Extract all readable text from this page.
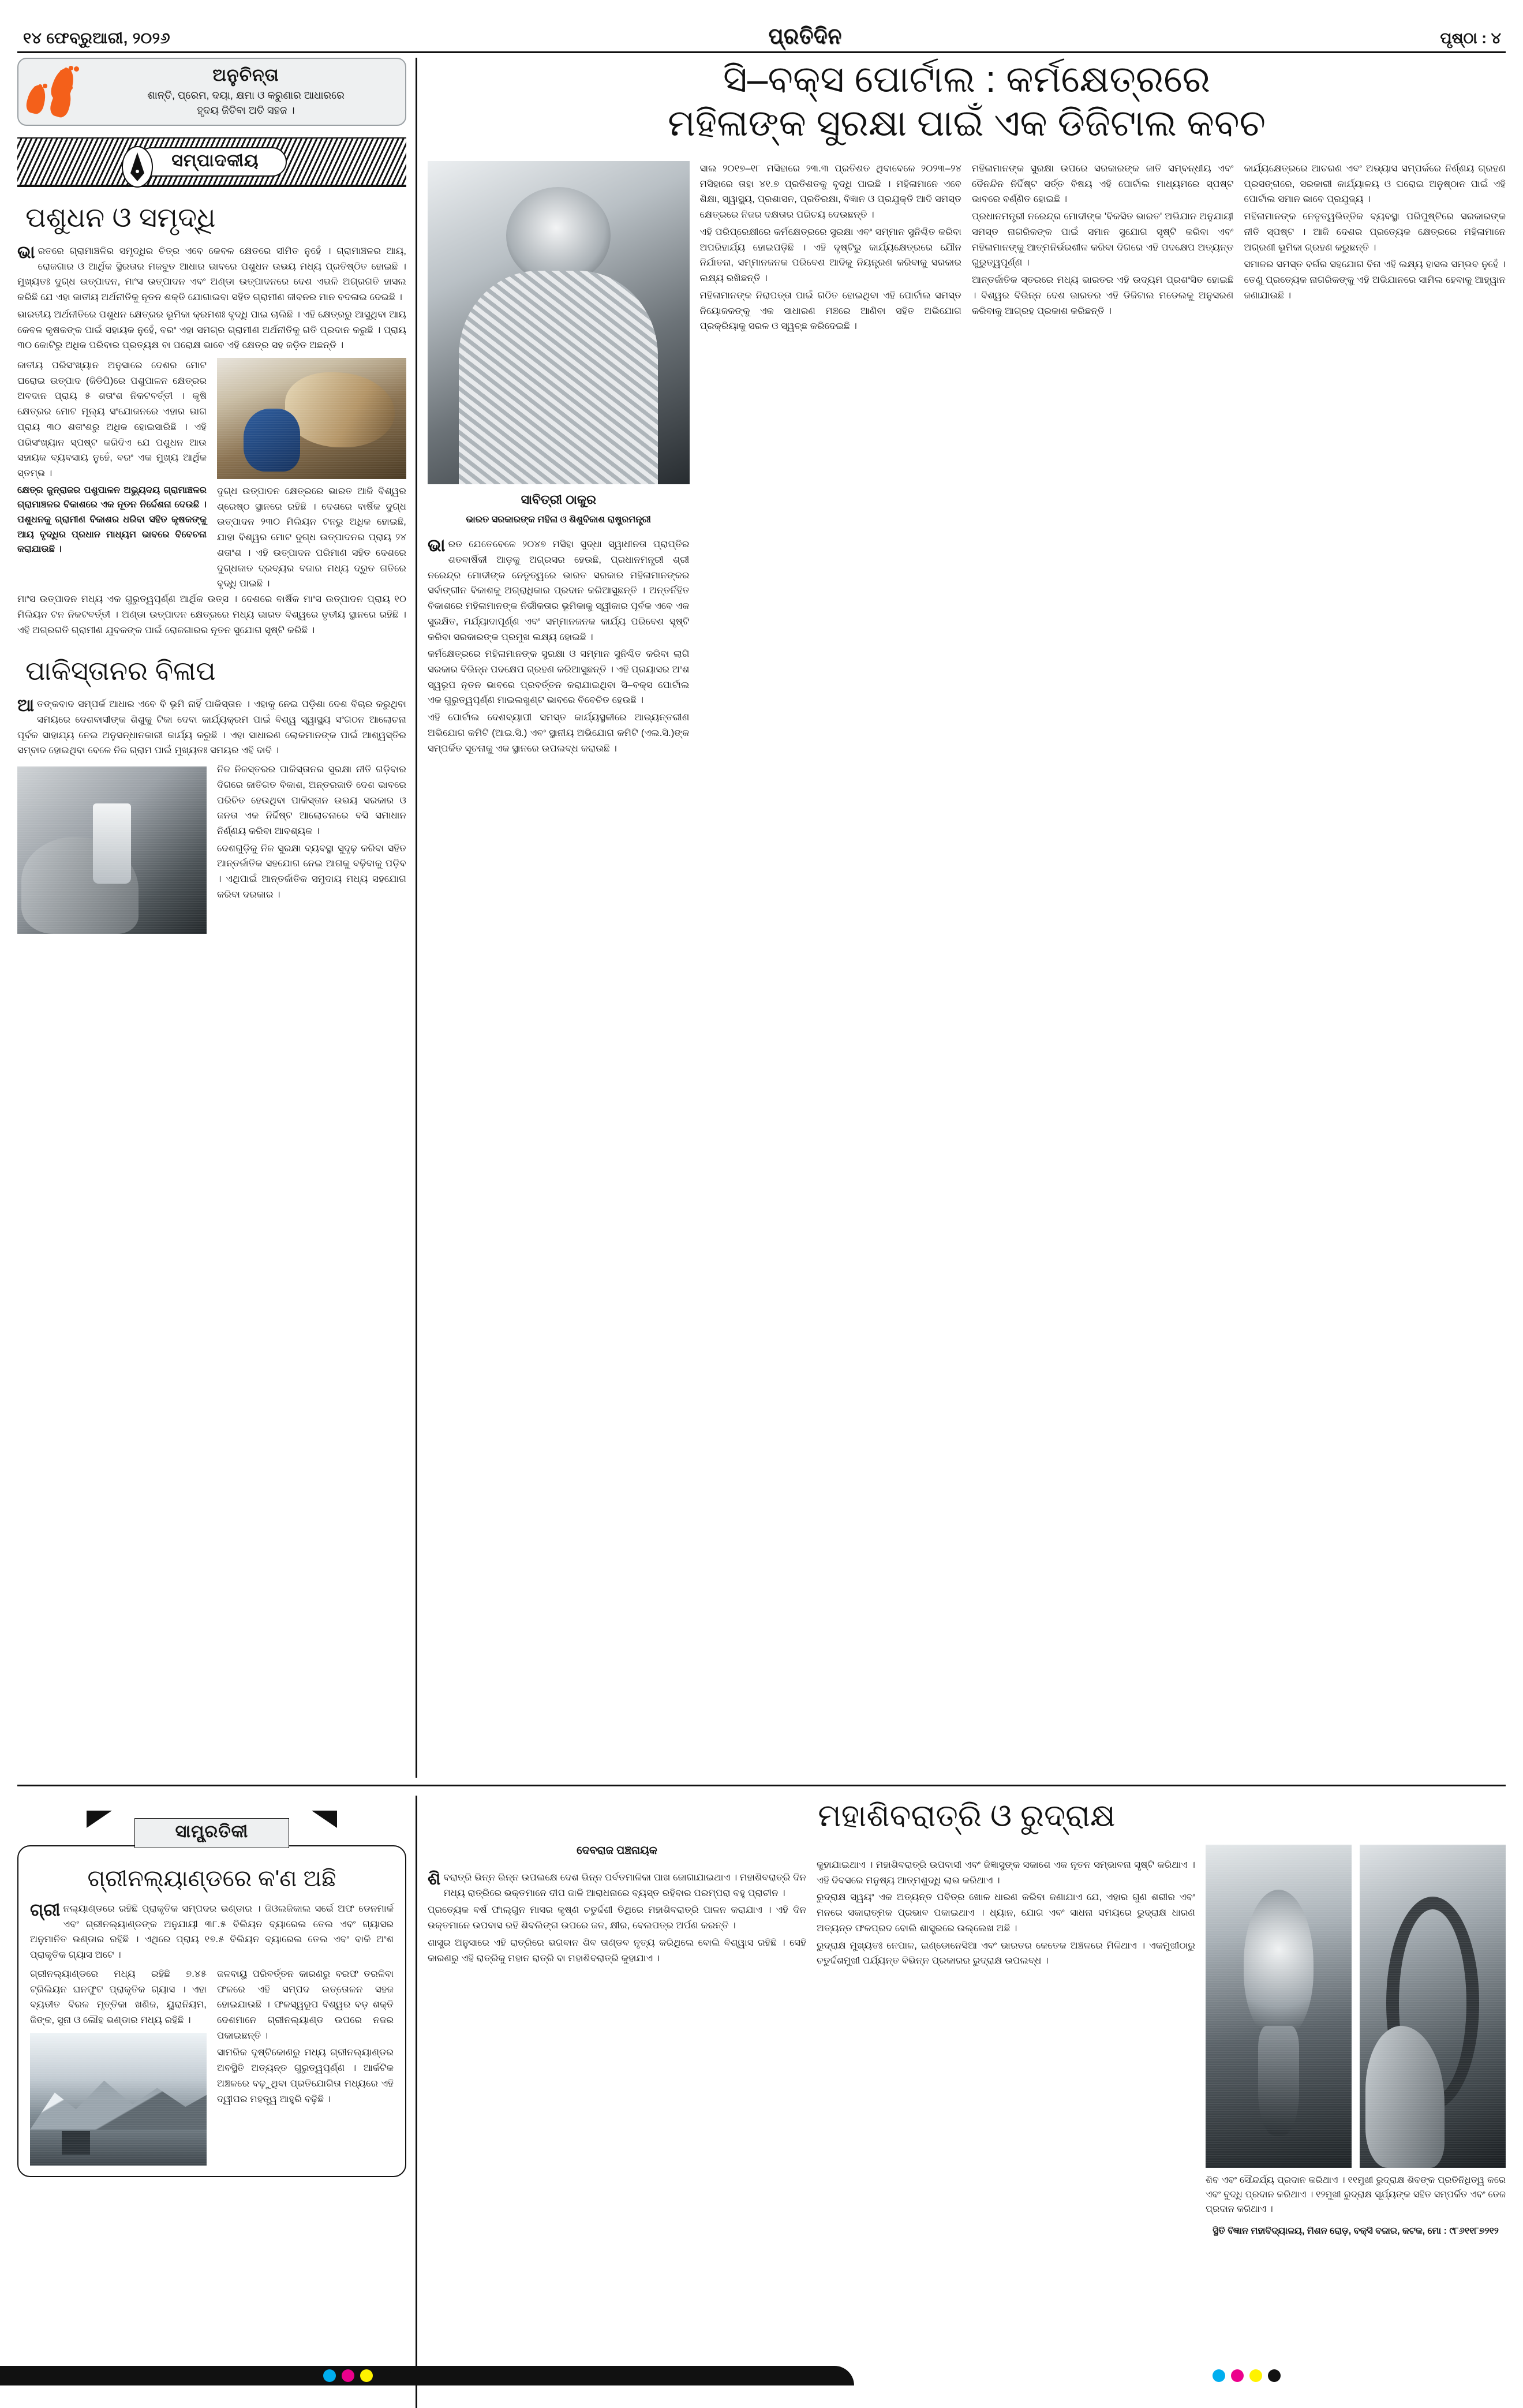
୧୪ ଫେବ୍ରୁଆରୀ, ୨୦୨୬	ପ୍ରତିଦିନ	ପୃଷ୍ଠା : ୪
ଅନୁଚିନ୍ତା
ଶାନ୍ତି, ପ୍ରେମ, ଦୟା, କ୍ଷମା ଓ କରୁଣାର ଆଧାରରେ
ହୃଦୟ ଜିତିବା ଅତି ସହଜ ।
ସମ୍ପାଦକୀୟ
ପଶୁଧନ ଓ ସମୃଦ୍ଧି

ଭାରତରେ ଗ୍ରାମାଞ୍ଚଳିର ସମୃଦ୍ଧିର ଚିତ୍ର ଏବେ କେବଳ କ୍ଷେତରେ ସୀମିତ ନୁହେଁ । ଗ୍ରାମାଞ୍ଚଳର ଆୟ, ରୋଜଗାର ଓ ଆର୍ଥିକ ସ୍ଥିରତାର ମଜବୁତ ଆଧାର ଭାବରେ ପଶୁଧନ ଉଭୟ ମଧ୍ୟ ପ୍ରତିଷ୍ଠିତ ହୋଇଛି । ମୁଖ୍ୟତଃ ଦୁଗ୍ଧ ଉତ୍ପାଦନ, ମାଂସ ଉତ୍ପାଦନ ଏବଂ ଅଣ୍ଡା ଉତ୍ପାଦନରେ ଦେଶ ଏଭଳି ଅଗ୍ରଗତି ହାସଲ କରିଛି ଯେ ଏହା ଜାତୀୟ ଅର୍ଥନୀତିକୁ ନୂତନ ଶକ୍ତି ଯୋଗାଇବା ସହିତ ଗ୍ରାମୀଣ ଜୀବନର ମାନ ବଦଳାଇ ଦେଇଛି ।

ଭାରତୀୟ ଅର୍ଥନୀତିରେ ପଶୁଧନ କ୍ଷେତ୍ରର ଭୂମିକା କ୍ରମଶଃ ବୃଦ୍ଧି ପାଇ ଚାଲିଛି । ଏହି କ୍ଷେତ୍ରରୁ ଆସୁଥିବା ଆୟ କେବଳ କୃଷକଙ୍କ ପାଇଁ ସହାୟକ ନୁହେଁ, ବରଂ ଏହା ସମଗ୍ର ଗ୍ରାମୀଣ ଅର୍ଥନୀତିକୁ ଗତି ପ୍ରଦାନ କରୁଛି । ପ୍ରାୟ ୩୦ କୋଟିରୁ ଅଧିକ ପରିବାର ପ୍ରତ୍ୟକ୍ଷ ବା ପରୋକ୍ଷ ଭାବେ ଏହି କ୍ଷେତ୍ର ସହ ଜଡ଼ିତ ଅଛନ୍ତି ।

ଜାତୀୟ ପରିସଂଖ୍ୟାନ ଅନୁସାରେ ଦେଶର ମୋଟ ଘରୋଇ ଉତ୍ପାଦ (ଜିଡିପି)ରେ ପଶୁପାଳନ କ୍ଷେତ୍ରର ଅବଦାନ ପ୍ରାୟ ୫ ଶତାଂଶ ନିକଟବର୍ତ୍ତୀ । କୃଷି କ୍ଷେତ୍ରର ମୋଟ ମୂଲ୍ୟ ସଂଯୋଜନରେ ଏହାର ଭାଗ ପ୍ରାୟ ୩୦ ଶତାଂଶରୁ ଅଧିକ ହୋଇସାରିଛି । ଏହି ପରିସଂଖ୍ୟାନ ସ୍ପଷ୍ଟ କରିଦିଏ ଯେ ପଶୁଧନ ଆଉ ସହାୟକ ବ୍ୟବସାୟ ନୁହେଁ, ବରଂ ଏକ ମୁଖ୍ୟ ଆର୍ଥିକ ସ୍ତମ୍ଭ ।

କ୍ଷେତ୍ର ଜୁନ୍‌ରାଜର ପଶୁପାଳନ ଅଭ୍ୟୁଦୟ ଗ୍ରାମାଞ୍ଚଳର ଗ୍ରାମାଞ୍ଚଳର ବିକାଶରେ ଏକ ନୂତନ ନିର୍ଦ୍ଦେଶନା ଦେଉଛି । ପଶୁଧନକୁ ଗ୍ରାମୀଣ ବିକାଶର ଧରିବା ସହିତ କୃଷକଙ୍କୁ ଆୟ ବୃଦ୍ଧିର ପ୍ରଧାନ ମାଧ୍ୟମ ଭାବରେ ବିବେଚନା କରାଯାଉଛି ।

ଦୁଗ୍ଧ ଉତ୍ପାଦନ କ୍ଷେତ୍ରରେ ଭାରତ ଆଜି ବିଶ୍ୱର ଶ୍ରେଷ୍ଠ ସ୍ଥାନରେ ରହିଛି । ଦେଶରେ ବାର୍ଷିକ ଦୁଗ୍ଧ ଉତ୍ପାଦନ ୨୩୦ ମିଲିୟନ ଟନରୁ ଅଧିକ ହୋଇଛି, ଯାହା ବିଶ୍ୱର ମୋଟ ଦୁଗ୍ଧ ଉତ୍ପାଦନର ପ୍ରାୟ ୨୪ ଶତାଂଶ । ଏହି ଉତ୍ପାଦନ ପରିମାଣ ସହିତ ଦେଶରେ ଦୁଗ୍ଧଜାତ ଦ୍ରବ୍ୟର ବଜାର ମଧ୍ୟ ଦ୍ରୁତ ଗତିରେ ବୃଦ୍ଧି ପାଇଛି ।

ମାଂସ ଉତ୍ପାଦନ ମଧ୍ୟ ଏକ ଗୁରୁତ୍ୱପୂର୍ଣ୍ଣ ଆର୍ଥିକ ଉତ୍ସ । ଦେଶରେ ବାର୍ଷିକ ମାଂସ ଉତ୍ପାଦନ ପ୍ରାୟ ୧୦ ମିଲିୟନ ଟନ ନିକଟବର୍ତ୍ତୀ । ଅଣ୍ଡା ଉତ୍ପାଦନ କ୍ଷେତ୍ରରେ ମଧ୍ୟ ଭାରତ ବିଶ୍ୱରେ ତୃତୀୟ ସ୍ଥାନରେ ରହିଛି । ଏହି ଅଗ୍ରଗତି ଗ୍ରାମୀଣ ଯୁବକଙ୍କ ପାଇଁ ରୋଜଗାରର ନୂତନ ସୁଯୋଗ ସୃଷ୍ଟି କରିଛି ।

ପାକିସ୍ତାନର ବିଳାପ

ଆତଙ୍କବାଦ ସମ୍ପର୍କ ଆଧାର ଏବେ ବି ଭୂମି ନାହିଁ ପାକିସ୍ତାନ । ଏହାକୁ ନେଇ ପଡ଼ିଶା ଦେଶ ବିଚାର କରୁଥିବା ସମୟରେ ଦେଶବାସୀଙ୍କ ଶିଶୁକୁ ଟିକା ଦେବା କାର୍ଯ୍ୟକ୍ରମ ପାଇଁ ବିଶ୍ୱ ସ୍ୱାସ୍ଥ୍ୟ ସଂଗଠନ ଆଲୋଚନା ପୂର୍ବକ ସାହାଯ୍ୟ ନେଇ ଅନୁସନ୍ଧାନକାରୀ କାର୍ଯ୍ୟ କରୁଛି । ଏହା ସାଧାରଣ ଲୋକମାନଙ୍କ ପାଇଁ ଆଶ୍ୱସ୍ତିର ସମ୍ବାଦ ହୋଇଥିବା ବେଳେ ନିଜ ଗ୍ରାମ ପାଇଁ ମୁଖ୍ୟତଃ ସମୟର ଏହି ଦାବି ।

ନିଜ ନିଜସ୍ତରର ପାକିସ୍ତାନର ସୁରକ୍ଷା ନୀତି ଗଡ଼ିବାର ଦିଗରେ ଜାତିଗତ ବିକାଶ, ଅନ୍ତରଜାତି ଦେଶ ଭାବରେ ପରିଚିତ ହେଉଥିବା ପାକିସ୍ତାନ ଉଭୟ ସରକାର ଓ ଜନତା ଏକ ନିର୍ଦ୍ଦିଷ୍ଟ ଆଲୋଚନାରେ ବସି ସମାଧାନ ନିର୍ଣ୍ଣୟ କରିବା ଆବଶ୍ୟକ ।

ଦେଶଗୁଡ଼ିକୁ ନିଜ ସୁରକ୍ଷା ବ୍ୟବସ୍ଥା ସୁଦୃଢ଼ କରିବା ସହିତ ଆନ୍ତର୍ଜାତିକ ସହଯୋଗ ନେଇ ଆଗକୁ ବଢ଼ିବାକୁ ପଡ଼ିବ । ଏଥିପାଇଁ ଆନ୍ତର୍ଜାତିକ ସମୁଦାୟ ମଧ୍ୟ ସହଯୋଗ କରିବା ଦରକାର ।

ସି–ବକ୍ସ ପୋର୍ଟାଲ : କର୍ମକ୍ଷେତ୍ରରେ
ମହିଳାଙ୍କ ସୁରକ୍ଷା ପାଇଁ ଏକ ଡିଜିଟାଲ କବଚ
ସାବିତ୍ରୀ ଠାକୁର
ଭାରତ ସରକାରଙ୍କ ମହିଳା ଓ ଶିଶୁବିକାଶ ରାଷ୍ଟ୍ରମନ୍ତ୍ରୀ

ଭାରତ ଯେତେବେଳେ ୨୦୪୭ ମସିହା ସୁଦ୍ଧା ସ୍ୱାଧୀନତା ପ୍ରାପ୍ତିର ଶତବାର୍ଷିକୀ ଆଡ଼କୁ ଅଗ୍ରସର ହେଉଛି, ପ୍ରଧାନମନ୍ତ୍ରୀ ଶ୍ରୀ ନରେନ୍ଦ୍ର ମୋଦୀଙ୍କ ନେତୃତ୍ୱରେ ଭାରତ ସରକାର ମହିଳାମାନଙ୍କର ସର୍ବାଙ୍ଗୀନ ବିକାଶକୁ ଅଗ୍ରାଧିକାର ପ୍ରଦାନ କରିଆସୁଛନ୍ତି । ଅନ୍ତର୍ନିହିତ ବିକାଶରେ ମହିଳାମାନଙ୍କ ନିର୍ଭୀକତାର ଭୂମିକାକୁ ସ୍ୱୀକାର ପୂର୍ବକ ଏବେ ଏକ ସୁରକ୍ଷିତ, ମର୍ଯ୍ୟାଦାପୂର୍ଣ୍ଣ ଏବଂ ସମ୍ମାନଜନକ କାର୍ଯ୍ୟ ପରିବେଶ ସୃଷ୍ଟି କରିବା ସରକାରଙ୍କ ପ୍ରମୁଖ ଲକ୍ଷ୍ୟ ହୋଇଛି ।

କର୍ମକ୍ଷେତ୍ରରେ ମହିଳାମାନଙ୍କ ସୁରକ୍ଷା ଓ ସମ୍ମାନ ସୁନିଶ୍ଚିତ କରିବା ଲାଗି ସରକାର ବିଭିନ୍ନ ପଦକ୍ଷେପ ଗ୍ରହଣ କରିଆସୁଛନ୍ତି । ଏହି ପ୍ରୟାସର ଅଂଶ ସ୍ୱରୂପ ନୂତନ ଭାବରେ ପ୍ରବର୍ତ୍ତନ କରାଯାଇଥିବା ସି–ବକ୍ସ ପୋର୍ଟାଲ ଏକ ଗୁରୁତ୍ୱପୂର୍ଣ୍ଣ ମାଇଲଖୁଣ୍ଟ ଭାବରେ ବିବେଚିତ ହେଉଛି ।

ଏହି ପୋର୍ଟାଲ ଦେଶବ୍ୟାପୀ ସମସ୍ତ କାର୍ଯ୍ୟସ୍ଥଳୀରେ ଆଭ୍ୟନ୍ତରୀଣ ଅଭିଯୋଗ କମିଟି (ଆଇ.ସି.) ଏବଂ ସ୍ଥାନୀୟ ଅଭିଯୋଗ କମିଟି (ଏଲ.ସି.)ଙ୍କ ସମ୍ପର୍କିତ ସୂଚନାକୁ ଏକ ସ୍ଥାନରେ ଉପଲବ୍ଧ କରାଉଛି ।

ସାଲ ୨୦୧୭–୧୮ ମସିହାରେ ୨୩.୩ ପ୍ରତିଶତ ଥିବାବେଳେ ୨୦୨୩–୨୪ ମସିହାରେ ତାହା ୪୧.୭ ପ୍ରତିଶତକୁ ବୃଦ୍ଧି ପାଇଛି । ମହିଳାମାନେ ଏବେ ଶିକ୍ଷା, ସ୍ୱାସ୍ଥ୍ୟ, ପ୍ରଶାସନ, ପ୍ରତିରକ୍ଷା, ବିଜ୍ଞାନ ଓ ପ୍ରଯୁକ୍ତି ଆଦି ସମସ୍ତ କ୍ଷେତ୍ରରେ ନିଜର ଦକ୍ଷତାର ପରିଚୟ ଦେଉଛନ୍ତି ।

ଏହି ପରିପ୍ରେକ୍ଷୀରେ କର୍ମକ୍ଷେତ୍ରରେ ସୁରକ୍ଷା ଏବଂ ସମ୍ମାନ ସୁନିଶ୍ଚିତ କରିବା ଅପରିହାର୍ଯ୍ୟ ହୋଇପଡ଼ିଛି । ଏହି ଦୃଷ୍ଟିରୁ କାର୍ଯ୍ୟକ୍ଷେତ୍ରରେ ଯୌନ ନିର୍ଯାତନା, ସମ୍ମାନଜନକ ପରିବେଶ ଆଦିକୁ ନିୟନ୍ତ୍ରଣ କରିବାକୁ ସରକାର ଲକ୍ଷ୍ୟ ରଖିଛନ୍ତି ।

ମହିଳାମାନଙ୍କ ନିରାପତ୍ତା ପାଇଁ ଗଠିତ ହୋଇଥିବା ଏହି ପୋର୍ଟାଲ ସମସ୍ତ ନିୟୋଜକଙ୍କୁ ଏକ ସାଧାରଣ ମଞ୍ଚରେ ଆଣିବା ସହିତ ଅଭିଯୋଗ ପ୍ରକ୍ରିୟାକୁ ସରଳ ଓ ସ୍ୱଚ୍ଛ କରିଦେଇଛି ।

ମହିଳାମାନଙ୍କ ସୁରକ୍ଷା ଉପରେ ସରକାରଙ୍କ ଜାତି ସମ୍ବନ୍ଧୀୟ ଏବଂ ଦୈନନ୍ଦିନ ନିର୍ଦ୍ଦିଷ୍ଟ ସର୍ତ୍ତ ବିଷୟ ଏହି ପୋର୍ଟାଲ ମାଧ୍ୟମରେ ସ୍ପଷ୍ଟ ଭାବରେ ବର୍ଣ୍ଣିତ ହୋଇଛି ।

ପ୍ରଧାନମନ୍ତ୍ରୀ ନରେନ୍ଦ୍ର ମୋଦୀଙ୍କ 'ବିକସିତ ଭାରତ' ଅଭିଯାନ ଅନୁଯାୟୀ ସମସ୍ତ ନାଗରିକଙ୍କ ପାଇଁ ସମାନ ସୁଯୋଗ ସୃଷ୍ଟି କରିବା ଏବଂ ମହିଳାମାନଙ୍କୁ ଆତ୍ମନିର୍ଭରଶୀଳ କରିବା ଦିଗରେ ଏହି ପଦକ୍ଷେପ ଅତ୍ୟନ୍ତ ଗୁରୁତ୍ୱପୂର୍ଣ୍ଣ ।

ଆନ୍ତର୍ଜାତିକ ସ୍ତରରେ ମଧ୍ୟ ଭାରତର ଏହି ଉଦ୍ୟମ ପ୍ରଶଂସିତ ହୋଇଛି । ବିଶ୍ୱର ବିଭିନ୍ନ ଦେଶ ଭାରତର ଏହି ଡିଜିଟାଲ ମଡେଲକୁ ଅନୁସରଣ କରିବାକୁ ଆଗ୍ରହ ପ୍ରକାଶ କରିଛନ୍ତି ।

କାର୍ଯ୍ୟକ୍ଷେତ୍ରରେ ଆଚରଣ ଏବଂ ଅଭ୍ୟାସ ସମ୍ପର୍କରେ ନିର୍ଣ୍ଣୟ ଗ୍ରହଣ ପ୍ରସଙ୍ଗରେ, ସରକାରୀ କାର୍ଯ୍ୟାଳୟ ଓ ଘରୋଇ ଅନୁଷ୍ଠାନ ପାଇଁ ଏହି ପୋର୍ଟାଲ ସମାନ ଭାବେ ପ୍ରଯୁଜ୍ୟ ।

ମହିଳାମାନଙ୍କ ନେତୃତ୍ୱଭିତ୍ତିକ ବ୍ୟବସ୍ଥା ପରିପୁଷ୍ଟିରେ ସରକାରଙ୍କ ନୀତି ସ୍ପଷ୍ଟ । ଆଜି ଦେଶର ପ୍ରତ୍ୟେକ କ୍ଷେତ୍ରରେ ମହିଳାମାନେ ଅଗ୍ରଣୀ ଭୂମିକା ଗ୍ରହଣ କରୁଛନ୍ତି ।

ସମାଜର ସମସ୍ତ ବର୍ଗର ସହଯୋଗ ବିନା ଏହି ଲକ୍ଷ୍ୟ ହାସଲ ସମ୍ଭବ ନୁହେଁ । ତେଣୁ ପ୍ରତ୍ୟେକ ନାଗରିକଙ୍କୁ ଏହି ଅଭିଯାନରେ ସାମିଲ ହେବାକୁ ଆହ୍ୱାନ ଜଣାଯାଉଛି ।

ସାମ୍ପ୍ରତିକୀ
ଗ୍ରୀନଲ୍ୟାଣ୍ଡରେ କ'ଣ ଅଛି

ଗ୍ରୀନଲ୍ୟାଣ୍ଡରେ ରହିଛି ପ୍ରାକୃତିକ ସମ୍ପଦର ଭଣ୍ଡାର । ଜିଓଲଜିକାଲ ସର୍ଭେ ଅଫ ଡେନମାର୍କ ଏବଂ ଗ୍ରୀନଲ୍ୟାଣ୍ଡଙ୍କ ଅନୁଯାୟୀ ୩୮.୫ ବିଲିୟନ ବ୍ୟାରେଲ ତେଲ ଏବଂ ଗ୍ୟାସର ଅନୁମାନିତ ଭଣ୍ଡାର ରହିଛି । ଏଥିରେ ପ୍ରାୟ ୧୭.୫ ବିଲିୟନ ବ୍ୟାରେଲ ତେଲ ଏବଂ ବାକି ଅଂଶ ପ୍ରାକୃତିକ ଗ୍ୟାସ ଅଟେ ।

ଗ୍ରୀନଲ୍ୟାଣ୍ଡରେ ମଧ୍ୟ ରହିଛି ୭.୪୫ ଟ୍ରିଲିୟନ ଘନଫୁଟ ପ୍ରାକୃତିକ ଗ୍ୟାସ । ଏହା ବ୍ୟତୀତ ବିରଳ ମୃତ୍ତିକା ଖଣିଜ, ୟୁରାନିୟମ, ଜିଙ୍କ, ସୁନା ଓ ଲୌହ ଭଣ୍ଡାର ମଧ୍ୟ ରହିଛି ।

ଜଳବାୟୁ ପରିବର୍ତ୍ତନ କାରଣରୁ ବରଫ ତରଳିବା ଫଳରେ ଏହି ସମ୍ପଦ ଉତ୍ତୋଳନ ସହଜ ହୋଇଯାଉଛି । ଫଳସ୍ୱରୂପ ବିଶ୍ୱର ବଡ଼ ଶକ୍ତି ଦେଶମାନେ ଗ୍ରୀନଲ୍ୟାଣ୍ଡ ଉପରେ ନଜର ପକାଇଛନ୍ତି ।

ସାମରିକ ଦୃଷ୍ଟିକୋଣରୁ ମଧ୍ୟ ଗ୍ରୀନଲ୍ୟାଣ୍ଡର ଅବସ୍ଥିତି ଅତ୍ୟନ୍ତ ଗୁରୁତ୍ୱପୂର୍ଣ୍ଣ । ଆର୍କଟିକ ଅଞ୍ଚଳରେ ବଢ଼ୁଥିବା ପ୍ରତିଯୋଗିତା ମଧ୍ୟରେ ଏହି ଦ୍ୱୀପର ମହତ୍ତ୍ୱ ଆହୁରି ବଢ଼ିଛି ।

ମହାଶିବରାତ୍ରି ଓ ରୁଦ୍ରାକ୍ଷ
ଦେବରାଜ ପଞ୍ଚନାୟକ

ଶିବରାତ୍ରି ଭିନ୍ନ ଭିନ୍ନ ଉପଲକ୍ଷେ ଦେଶ ଭିନ୍ନ ପର୍ବତମାଳିକା ପାଖ ଜୋଗାଯାଇଥାଏ । ମହାଶିବରାତ୍ରି ଦିନ ମଧ୍ୟ ରାତ୍ରିରେ ଭକ୍ତମାନେ ଦୀପ ଜାଳି ଆରାଧନାରେ ବ୍ୟସ୍ତ ରହିବାର ପରମ୍ପରା ବହୁ ପ୍ରାଚୀନ ।

ପ୍ରତ୍ୟେକ ବର୍ଷ ଫାଲ୍ଗୁନ ମାସର କୃଷ୍ଣ ଚତୁର୍ଦ୍ଦଶୀ ତିଥିରେ ମହାଶିବରାତ୍ରି ପାଳନ କରାଯାଏ । ଏହି ଦିନ ଭକ୍ତମାନେ ଉପବାସ ରହି ଶିବଲିଙ୍ଗ ଉପରେ ଜଳ, କ୍ଷୀର, ବେଲପତ୍ର ଅର୍ପଣ କରନ୍ତି ।

ଶାସ୍ତ୍ର ଅନୁସାରେ ଏହି ରାତ୍ରିରେ ଭଗବାନ ଶିବ ତାଣ୍ଡବ ନୃତ୍ୟ କରିଥିଲେ ବୋଲି ବିଶ୍ୱାସ ରହିଛି । ସେହି କାରଣରୁ ଏହି ରାତ୍ରିକୁ ମହାନ ରାତ୍ରି ବା ମହାଶିବରାତ୍ରି କୁହାଯାଏ ।

କୁହାଯାଇଥାଏ । ମହାଶିବରାତ୍ରି ଉପବାସୀ ଏବଂ ଜିଜ୍ଞାସୁଙ୍କ ସକାଶେ ଏକ ନୂତନ ସମ୍ଭାବନା ସୃଷ୍ଟି କରିଥାଏ । ଏହି ଦିବସରେ ମନୁଷ୍ୟ ଆତ୍ମଶୁଦ୍ଧି ଲାଭ କରିଥାଏ ।

ରୁଦ୍ରାକ୍ଷ ସ୍ୱୟଂ ଏକ ଅତ୍ୟନ୍ତ ପବିତ୍ର ଖୋଳ ଧାରଣ କରିବା ଜଣାଯାଏ ଯେ, ଏହାର ଗୁଣ ଶରୀର ଏବଂ ମନରେ ସକାରାତ୍ମକ ପ୍ରଭାବ ପକାଇଥାଏ । ଧ୍ୟାନ, ଯୋଗ ଏବଂ ସାଧନା ସମୟରେ ରୁଦ୍ରାକ୍ଷ ଧାରଣ ଅତ୍ୟନ୍ତ ଫଳପ୍ରଦ ବୋଲି ଶାସ୍ତ୍ରରେ ଉଲ୍ଲେଖ ଅଛି ।

ରୁଦ୍ରାକ୍ଷ ମୁଖ୍ୟତଃ ନେପାଳ, ଇଣ୍ଡୋନେସିଆ ଏବଂ ଭାରତର କେତେକ ଅଞ୍ଚଳରେ ମିଳିଥାଏ । ଏକମୁଖୀଠାରୁ ଚତୁର୍ଦ୍ଦଶମୁଖୀ ପର୍ଯ୍ୟନ୍ତ ବିଭିନ୍ନ ପ୍ରକାରର ରୁଦ୍ରାକ୍ଷ ଉପଲବ୍ଧ ।

ଶିବ ଏବଂ ସୌନ୍ଦର୍ଯ୍ୟ ପ୍ରଦାନ କରିଥାଏ । ୧୧ମୁଖୀ ରୁଦ୍ରାକ୍ଷ ଶିବଙ୍କ ପ୍ରତିନିଧିତ୍ୱ କରେ ଏବଂ ବୁଦ୍ଧି ପ୍ରଦାନ କରିଥାଏ । ୧୨ମୁଖୀ ରୁଦ୍ରାକ୍ଷ ସୂର୍ଯ୍ୟଙ୍କ ସହିତ ସମ୍ପର୍କିତ ଏବଂ ତେଜ ପ୍ରଦାନ କରିଥାଏ ।
ସ୍ଥିତି ବିଜ୍ଞାନ ମହାବିଦ୍ୟାଳୟ, ମିଶନ ରୋଡ଼, ବକ୍ସି ବଜାର, କଟକ, ମୋ : ୯୮୬୧୧୮୭୨୧୨
